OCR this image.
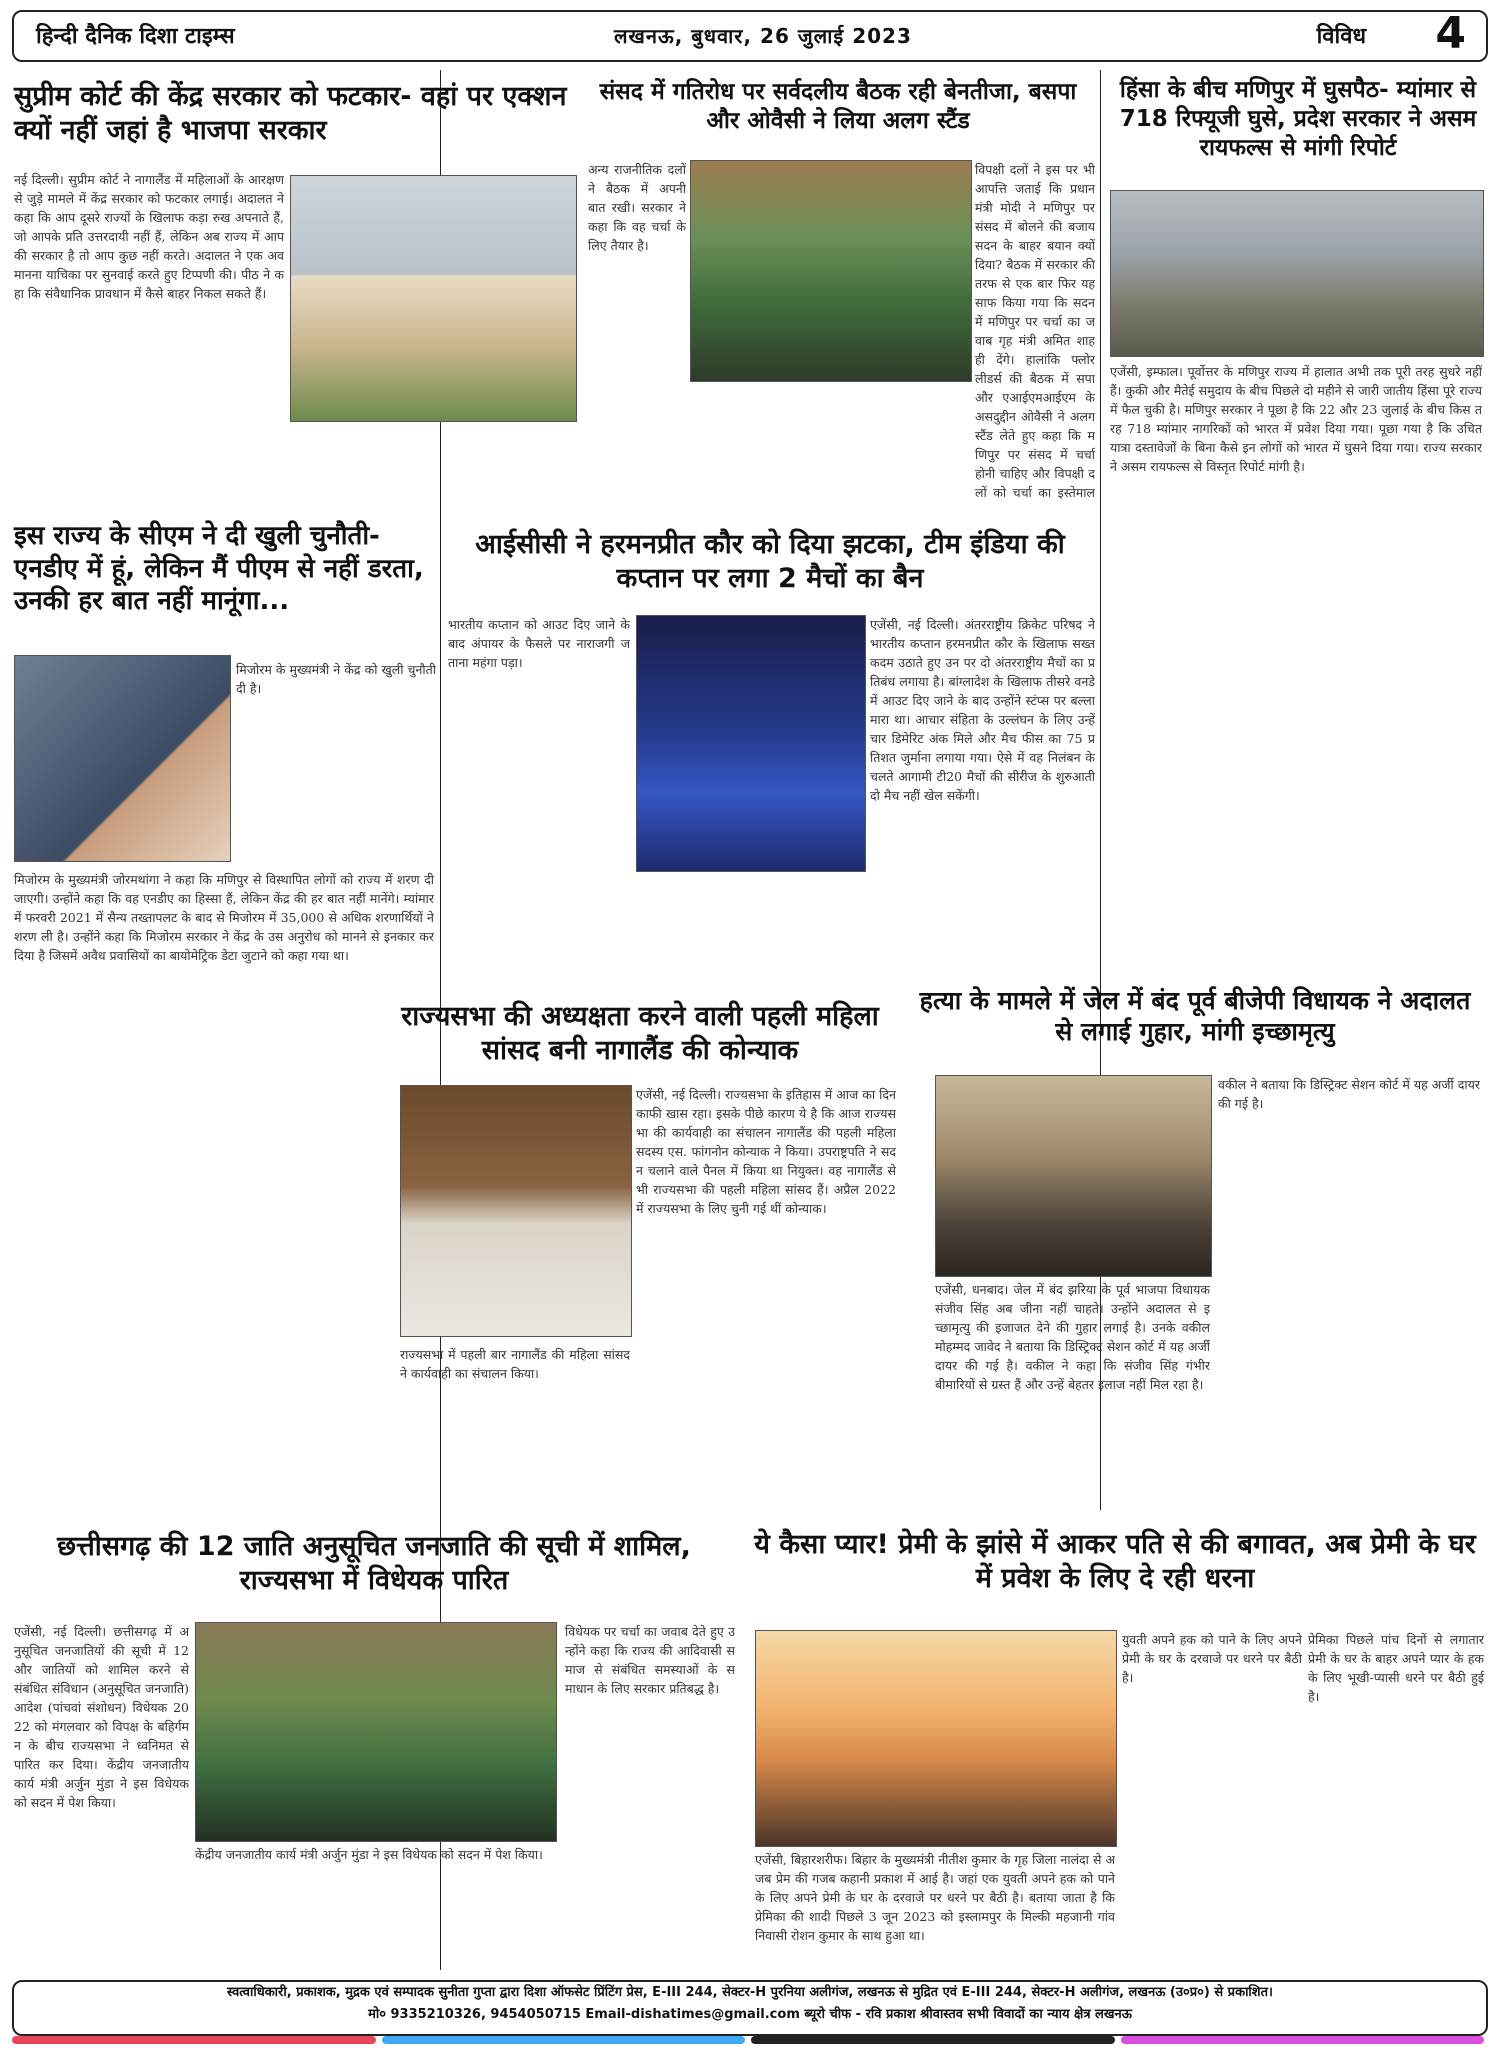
हिन्दी दैनिक दिशा टाइम्स	लखनऊ, बुधवार, 26 जुलाई 2023	विविध 4
सुप्रीम कोर्ट की केंद्र सरकार को फटकार- वहां पर एक्शन क्यों नहीं जहां है भाजपा सरकार
नई दिल्ली। सुप्रीम कोर्ट ने नागालैंड में महिलाओं के आरक्षण से जुड़े मामले में केंद्र सरकार को फटकार लगाई। अदालत ने कहा कि आप दूसरे राज्यों के खिलाफ कड़ा रुख अपनाते हैं, जो आपके प्रति उत्तरदायी नहीं हैं, लेकिन अब राज्य में आपकी सरकार है तो आप कुछ नहीं करते। अदालत ने एक अवमानना याचिका पर सुनवाई करते हुए टिप्पणी की। पीठ ने कहा कि संवैधानिक प्रावधान में कैसे बाहर निकल सकते हैं।
संसद में गतिरोध पर सर्वदलीय बैठक रही बेनतीजा, बसपा और ओवैसी ने लिया अलग स्टैंड
अन्य राजनीतिक दलों ने बैठक में अपनी बात रखी। सरकार ने कहा कि वह चर्चा के लिए तैयार है।
विपक्षी दलों ने इस पर भी आपत्ति जताई कि प्रधानमंत्री मोदी ने मणिपुर पर संसद में बोलने की बजाय सदन के बाहर बयान क्यों दिया? बैठक में सरकार की तरफ से एक बार फिर यह साफ किया गया कि सदन में मणिपुर पर चर्चा का जवाब गृह मंत्री अमित शाह ही देंगे। हालांकि फ्लोर लीडर्स की बैठक में सपा और एआईएमआईएम के असदुद्दीन ओवैसी ने अलग स्टैंड लेते हुए कहा कि मणिपुर पर संसद में चर्चा होनी चाहिए और विपक्षी दलों को चर्चा का इस्तेमाल
हिंसा के बीच मणिपुर में घुसपैठ- म्यांमार से 718 रिफ्यूजी घुसे, प्रदेश सरकार ने असम रायफल्स से मांगी रिपोर्ट
एजेंसी, इम्फाल। पूर्वोत्तर के मणिपुर राज्य में हालात अभी तक पूरी तरह सुधरे नहीं हैं। कुकी और मैतेई समुदाय के बीच पिछले दो महीने से जारी जातीय हिंसा पूरे राज्य में फैल चुकी है। मणिपुर सरकार ने पूछा है कि 22 और 23 जुलाई के बीच किस तरह 718 म्यांमार नागरिकों को भारत में प्रवेश दिया गया। पूछा गया है कि उचित यात्रा दस्तावेजों के बिना कैसे इन लोगों को भारत में घुसने दिया गया। राज्य सरकार ने असम रायफल्स से विस्तृत रिपोर्ट मांगी है।
इस राज्य के सीएम ने दी खुली चुनौती- एनडीए में हूं, लेकिन मैं पीएम से नहीं डरता, उनकी हर बात नहीं मानूंगा...
मिजोरम के मुख्यमंत्री ने केंद्र को खुली चुनौती दी है।
मिजोरम के मुख्यमंत्री जोरमथांगा ने कहा कि मणिपुर से विस्थापित लोगों को राज्य में शरण दी जाएगी। उन्होंने कहा कि वह एनडीए का हिस्सा हैं, लेकिन केंद्र की हर बात नहीं मानेंगे। म्यांमार में फरवरी 2021 में सैन्य तख्तापलट के बाद से मिजोरम में 35,000 से अधिक शरणार्थियों ने शरण ली है। उन्होंने कहा कि मिजोरम सरकार ने केंद्र के उस अनुरोध को मानने से इनकार कर दिया है जिसमें अवैध प्रवासियों का बायोमेट्रिक डेटा जुटाने को कहा गया था।
आईसीसी ने हरमनप्रीत कौर को दिया झटका, टीम इंडिया की कप्तान पर लगा 2 मैचों का बैन
भारतीय कप्तान को आउट दिए जाने के बाद अंपायर के फैसले पर नाराजगी जताना महंगा पड़ा।
एजेंसी, नई दिल्ली। अंतरराष्ट्रीय क्रिकेट परिषद ने भारतीय कप्तान हरमनप्रीत कौर के खिलाफ सख्त कदम उठाते हुए उन पर दो अंतरराष्ट्रीय मैचों का प्रतिबंध लगाया है। बांग्लादेश के खिलाफ तीसरे वनडे में आउट दिए जाने के बाद उन्होंने स्टंप्स पर बल्ला मारा था। आचार संहिता के उल्लंघन के लिए उन्हें चार डिमेरिट अंक मिले और मैच फीस का 75 प्रतिशत जुर्माना लगाया गया। ऐसे में वह निलंबन के चलते आगामी टी20 मैचों की सीरीज के शुरुआती दो मैच नहीं खेल सकेंगी।
राज्यसभा की अध्यक्षता करने वाली पहली महिला सांसद बनी नागालैंड की कोन्याक
राज्यसभा में पहली बार नागालैंड की महिला सांसद ने कार्यवाही का संचालन किया।
एजेंसी, नई दिल्ली। राज्यसभा के इतिहास में आज का दिन काफी खास रहा। इसके पीछे कारण ये है कि आज राज्यसभा की कार्यवाही का संचालन नागालैंड की पहली महिला सदस्य एस. फांगनोन कोन्याक ने किया। उपराष्ट्रपति ने सदन चलाने वाले पैनल में किया था नियुक्त। वह नागालैंड से भी राज्यसभा की पहली महिला सांसद हैं। अप्रैल 2022 में राज्यसभा के लिए चुनी गई थीं कोन्याक।
हत्या के मामले में जेल में बंद पूर्व बीजेपी विधायक ने अदालत से लगाई गुहार, मांगी इच्छामृत्यु
वकील ने बताया कि डिस्ट्रिक्ट सेशन कोर्ट में यह अर्जी दायर की गई है।
एजेंसी, धनबाद। जेल में बंद झरिया के पूर्व भाजपा विधायक संजीव सिंह अब जीना नहीं चाहते। उन्होंने अदालत से इच्छामृत्यु की इजाजत देने की गुहार लगाई है। उनके वकील मोहम्मद जावेद ने बताया कि डिस्ट्रिक्ट सेशन कोर्ट में यह अर्जी दायर की गई है। वकील ने कहा कि संजीव सिंह गंभीर बीमारियों से ग्रस्त हैं और उन्हें बेहतर इलाज नहीं मिल रहा है।
छत्तीसगढ़ की 12 जाति अनुसूचित जनजाति की सूची में शामिल, राज्यसभा में विधेयक पारित
एजेंसी, नई दिल्ली। छत्तीसगढ़ में अनुसूचित जनजातियों की सूची में 12 और जातियों को शामिल करने से संबंधित संविधान (अनुसूचित जनजाति) आदेश (पांचवां संशोधन) विधेयक 2022 को मंगलवार को विपक्ष के बहिर्गमन के बीच राज्यसभा ने ध्वनिमत से पारित कर दिया। केंद्रीय जनजातीय कार्य मंत्री अर्जुन मुंडा ने इस विधेयक को सदन में पेश किया।
केंद्रीय जनजातीय कार्य मंत्री अर्जुन मुंडा ने इस विधेयक को सदन में पेश किया।
विधेयक पर चर्चा का जवाब देते हुए उन्होंने कहा कि राज्य की आदिवासी समाज से संबंधित समस्याओं के समाधान के लिए सरकार प्रतिबद्ध है।
ये कैसा प्यार! प्रेमी के झांसे में आकर पति से की बगावत, अब प्रेमी के घर में प्रवेश के लिए दे रही धरना
एजेंसी, बिहारशरीफ। बिहार के मुख्यमंत्री नीतीश कुमार के गृह जिला नालंदा से अजब प्रेम की गजब कहानी प्रकाश में आई है। जहां एक युवती अपने हक को पाने के लिए अपने प्रेमी के घर के दरवाजे पर धरने पर बैठी है। बताया जाता है कि प्रेमिका की शादी पिछले 3 जून 2023 को इस्लामपुर के मिल्की महजानी गांव निवासी रोशन कुमार के साथ हुआ था।
युवती अपने हक को पाने के लिए अपने प्रेमी के घर के दरवाजे पर धरने पर बैठी है।
प्रेमिका पिछले पांच दिनों से लगातार प्रेमी के घर के बाहर अपने प्यार के हक के लिए भूखी-प्यासी धरने पर बैठी हुई है।
स्वत्वाधिकारी, प्रकाशक, मुद्रक एवं सम्पादक सुनीता गुप्ता द्वारा दिशा ऑफसेट प्रिंटिंग प्रेस, E-III 244, सेक्टर-H पुरनिया अलीगंज, लखनऊ से मुद्रित एवं E-III 244, सेक्टर-H अलीगंज, लखनऊ (उ०प्र०) से प्रकाशित।
मो० 9335210326, 9454050715 Email-dishatimes@gmail.com ब्यूरो चीफ - रवि प्रकाश श्रीवास्तव सभी विवादों का न्याय क्षेत्र लखनऊ
